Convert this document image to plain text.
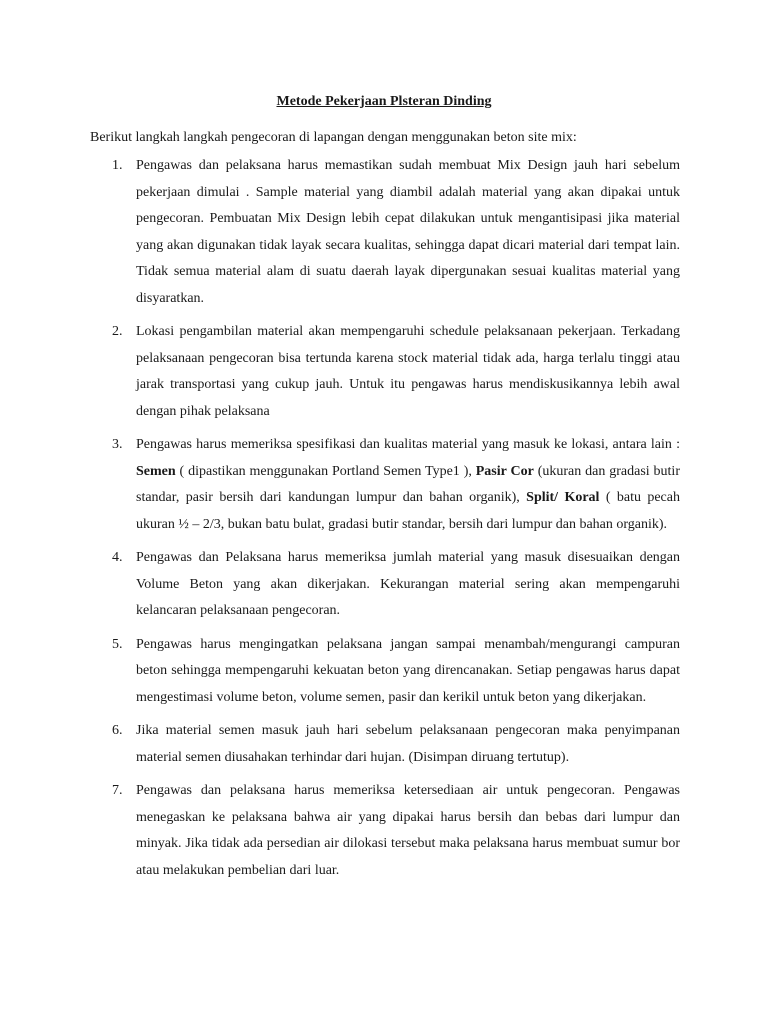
Metode Pekerjaan Plsteran Dinding
Berikut langkah langkah pengecoran di lapangan dengan menggunakan beton site mix:
1. Pengawas dan pelaksana harus memastikan sudah membuat Mix Design jauh hari sebelum pekerjaan dimulai . Sample material yang diambil adalah material yang akan dipakai untuk pengecoran. Pembuatan Mix Design lebih cepat dilakukan untuk mengantisipasi jika material yang akan digunakan tidak layak secara kualitas, sehingga dapat dicari material dari tempat lain. Tidak semua material alam di suatu daerah layak dipergunakan sesuai kualitas material yang disyaratkan.
2. Lokasi pengambilan material akan mempengaruhi schedule pelaksanaan pekerjaan. Terkadang pelaksanaan pengecoran bisa tertunda karena stock material tidak ada, harga terlalu tinggi atau jarak transportasi yang cukup jauh. Untuk itu pengawas harus mendiskusikannya lebih awal dengan pihak pelaksana
3. Pengawas harus memeriksa spesifikasi dan kualitas material yang masuk ke lokasi, antara lain : Semen ( dipastikan menggunakan Portland Semen Type1 ), Pasir Cor (ukuran dan gradasi butir standar, pasir bersih dari kandungan lumpur dan bahan organik), Split/ Koral ( batu pecah ukuran ½ – 2/3, bukan batu bulat, gradasi butir standar, bersih dari lumpur dan bahan organik).
4. Pengawas dan Pelaksana harus memeriksa jumlah material yang masuk disesuaikan dengan Volume Beton yang akan dikerjakan. Kekurangan material sering akan mempengaruhi kelancaran pelaksanaan pengecoran.
5. Pengawas harus mengingatkan pelaksana jangan sampai menambah/mengurangi campuran beton sehingga mempengaruhi kekuatan beton yang direncanakan. Setiap pengawas harus dapat mengestimasi volume beton, volume semen, pasir dan kerikil untuk beton yang dikerjakan.
6. Jika material semen masuk jauh hari sebelum pelaksanaan pengecoran maka penyimpanan material semen diusahakan terhindar dari hujan. (Disimpan diruang tertutup).
7. Pengawas dan pelaksana harus memeriksa ketersediaan air untuk pengecoran. Pengawas menegaskan ke pelaksana bahwa air yang dipakai harus bersih dan bebas dari lumpur dan minyak. Jika tidak ada persedian air dilokasi tersebut maka pelaksana harus membuat sumur bor atau melakukan pembelian dari luar.
